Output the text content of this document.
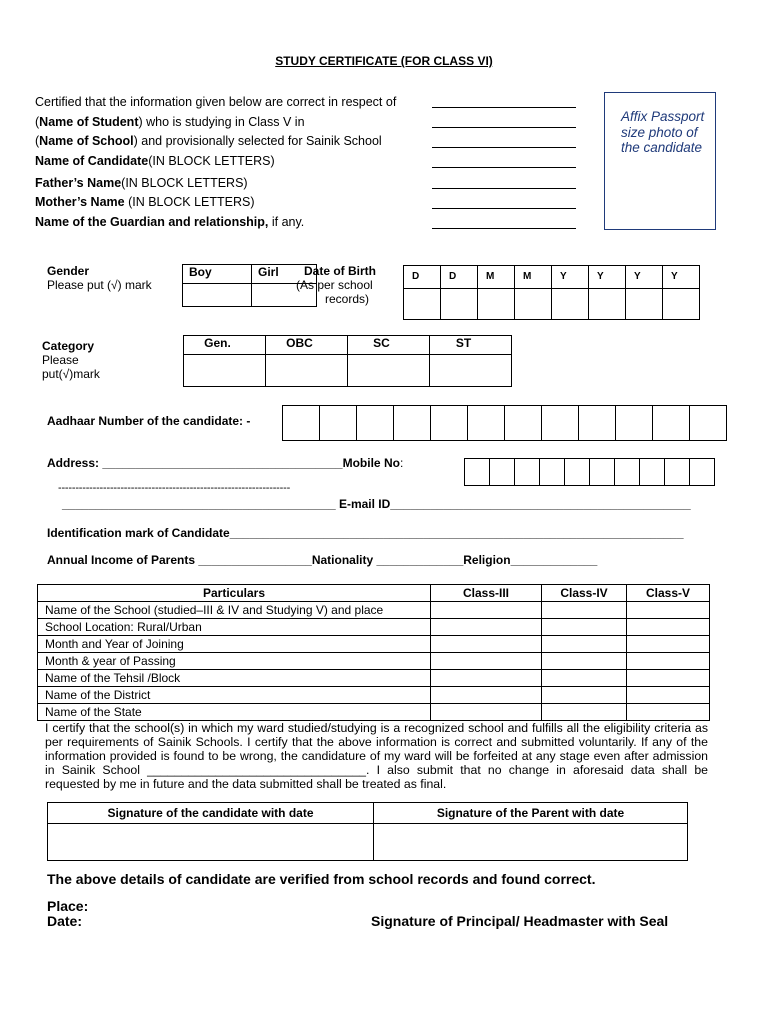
STUDY CERTIFICATE (FOR CLASS VI)
Certified that the information given below are correct in respect of
(Name of Student) who is studying in Class V in
(Name of School) and provisionally selected for Sainik School
Name of Candidate(IN BLOCK LETTERS)
Father’s Name(IN BLOCK LETTERS)
Mother’s Name (IN BLOCK LETTERS)
Name of the Guardian and relationship, if any.
Affix Passport size photo of the candidate
Gender
Please put (√) mark
Boy	Girl
	Date of Birth
(As per school
records)
D	D	M	M	Y	Y	Y	Y

Category
Please
put(√)mark
Gen.	OBC	SC	ST

Aadhaar Number of the candidate: -

Address: ____________________________________Mobile No:

-------------------------------------------------------------------
_________________________________________ E-mail ID_____________________________________________
Identification mark of Candidate____________________________________________________________________
Annual Income of Parents _________________Nationality _____________Religion_____________
Particulars	Class-III	Class-IV	Class-V
Name of the School (studied–III & IV and Studying V) and place			
School Location: Rural/Urban			
Month and Year of Joining			
Month & year of Passing			
Name of the Tehsil /Block			
Name of the District			
Name of the State			
I certify that the school(s) in which my ward studied/studying is a recognized school and fulfills all the eligibility criteria as per requirements of Sainik Schools. I certify that the above information is correct and submitted voluntarily. If any of the information provided is found to be wrong, the candidature of my ward will be forfeited at any stage even after admission in Sainik School ________________________________. I also submit that no change in aforesaid data shall be requested by me in future and the data submitted shall be treated as final.
Signature of the candidate with date	Signature of the Parent with date

The above details of candidate are verified from school records and found correct.
Place:
Date:	Signature of Principal/ Headmaster with Seal
